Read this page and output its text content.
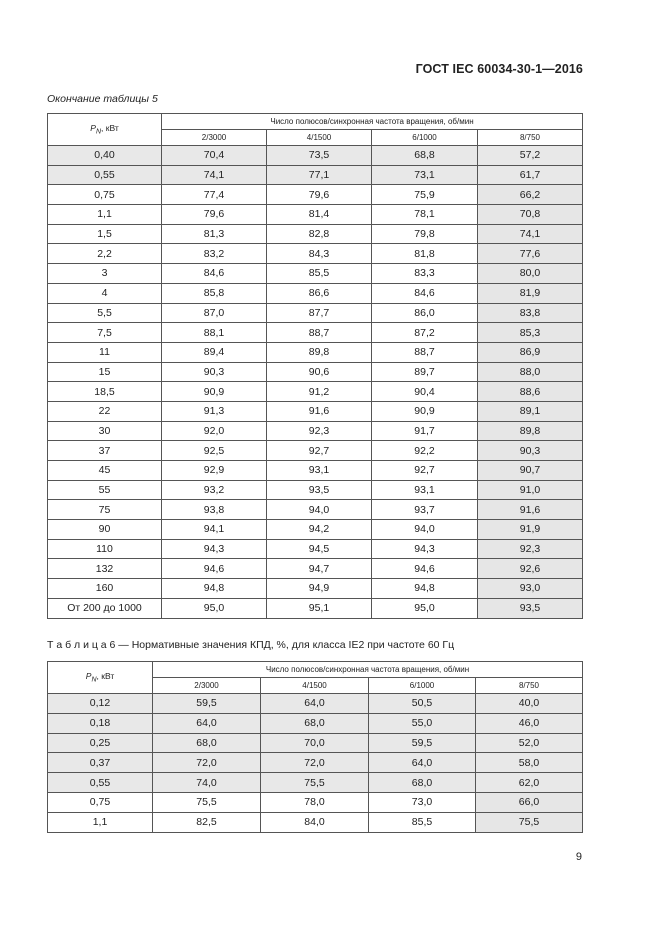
ГОСТ IEC 60034-30-1—2016
Окончание таблицы 5
$P_N$, кВт	Число полюсов/синхронная частота вращения, об/мин			
	2/3000	4/1500	6/1000	8/750
0,40	70,4	73,5	68,8	57,2
0,55	74,1	77,1	73,1	61,7
0,75	77,4	79,6	75,9	66,2
1,1	79,6	81,4	78,1	70,8
1,5	81,3	82,8	79,8	74,1
2,2	83,2	84,3	81,8	77,6
3	84,6	85,5	83,3	80,0
4	85,8	86,6	84,6	81,9
5,5	87,0	87,7	86,0	83,8
7,5	88,1	88,7	87,2	85,3
11	89,4	89,8	88,7	86,9
15	90,3	90,6	89,7	88,0
18,5	90,9	91,2	90,4	88,6
22	91,3	91,6	90,9	89,1
30	92,0	92,3	91,7	89,8
37	92,5	92,7	92,2	90,3
45	92,9	93,1	92,7	90,7
55	93,2	93,5	93,1	91,0
75	93,8	94,0	93,7	91,6
90	94,1	94,2	94,0	91,9
110	94,3	94,5	94,3	92,3
132	94,6	94,7	94,6	92,6
160	94,8	94,9	94,8	93,0
От 200 до 1000	95,0	95,1	95,0	93,5
Т а б л и ц а 6 — Нормативные значения КПД, %, для класса IE2 при частоте 60 Гц
$P_N$, кВт	Число полюсов/синхронная частота вращения, об/мин			
	2/3000	4/1500	6/1000	8/750
0,12	59,5	64,0	50,5	40,0
0,18	64,0	68,0	55,0	46,0
0,25	68,0	70,0	59,5	52,0
0,37	72,0	72,0	64,0	58,0
0,55	74,0	75,5	68,0	62,0
0,75	75,5	78,0	73,0	66,0
1,1	82,5	84,0	85,5	75,5
9
